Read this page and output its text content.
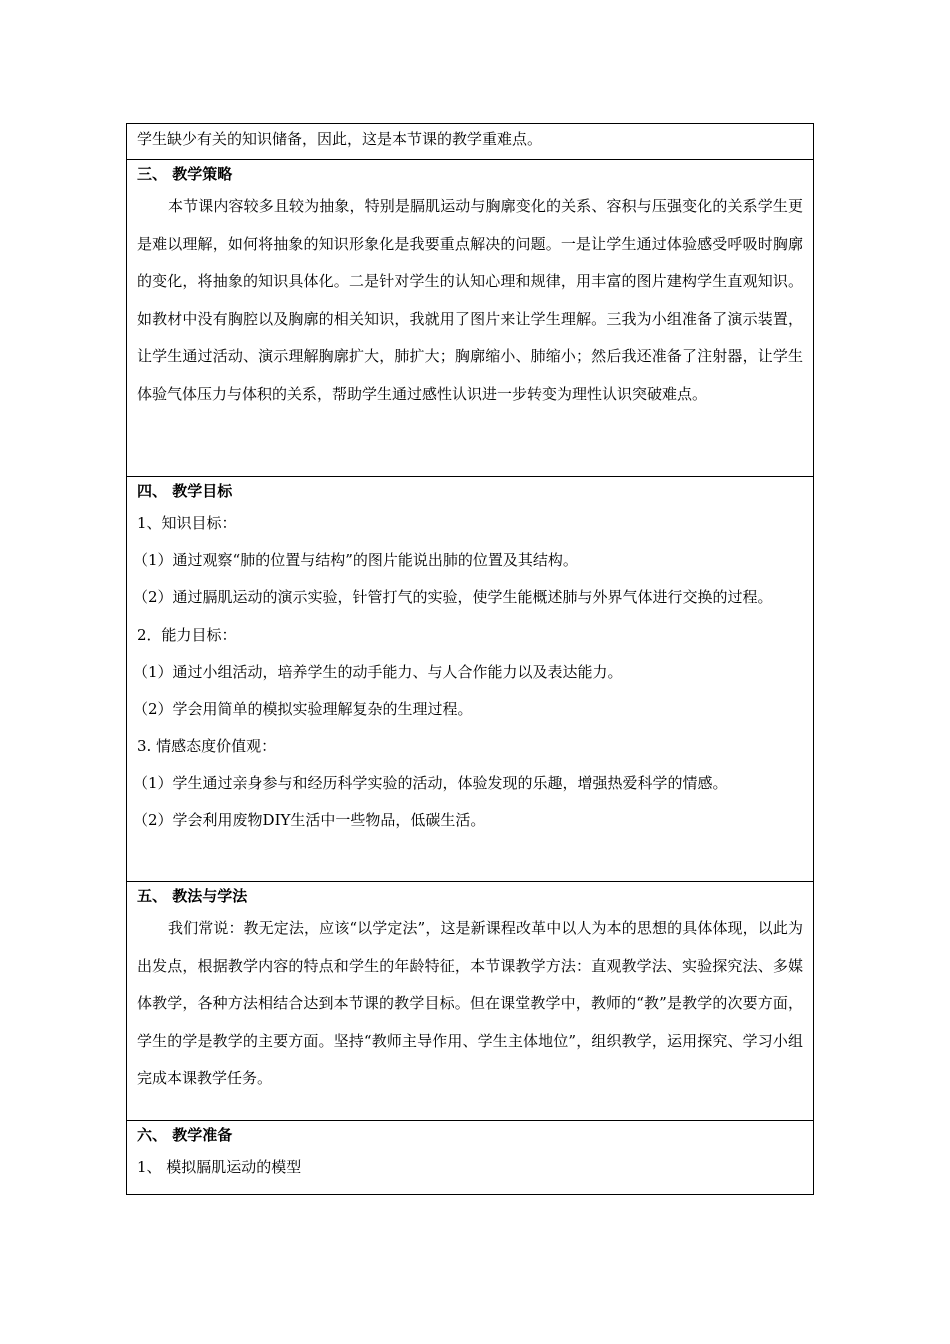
学生缺少有关的知识储备，因此，这是本节课的教学重难点。

三、 教学策略

本节课内容较多且较为抽象，特别是膈肌运动与胸廓变化的关系、容积与压强变化的关系学生更是难以理解，如何将抽象的知识形象化是我要重点解决的问题。一是让学生通过体验感受呼吸时胸廓的变化，将抽象的知识具体化。二是针对学生的认知心理和规律，用丰富的图片建构学生直观知识。如教材中没有胸腔以及胸廓的相关知识，我就用了图片来让学生理解。三我为小组准备了演示装置，让学生通过活动、演示理解胸廓扩大，肺扩大；胸廓缩小、肺缩小；然后我还准备了注射器，让学生体验气体压力与体积的关系，帮助学生通过感性认识进一步转变为理性认识突破难点。

四、 教学目标

1、知识目标：

（1）通过观察“肺的位置与结构”的图片能说出肺的位置及其结构。

（2）通过膈肌运动的演示实验，针管打气的实验，使学生能概述肺与外界气体进行交换的过程。

2．能力目标：

（1）通过小组活动，培养学生的动手能力、与人合作能力以及表达能力。

（2）学会用简单的模拟实验理解复杂的生理过程。

3. 情感态度价值观：

（1）学生通过亲身参与和经历科学实验的活动，体验发现的乐趣，增强热爱科学的情感。

（2）学会利用废物DIY生活中一些物品，低碳生活。

五、 教法与学法

我们常说：教无定法，应该“以学定法”，这是新课程改革中以人为本的思想的具体体现，以此为出发点，根据教学内容的特点和学生的年龄特征，本节课教学方法：直观教学法、实验探究法、多媒体教学，各种方法相结合达到本节课的教学目标。但在课堂教学中，教师的“教”是教学的次要方面，学生的学是教学的主要方面。坚持“教师主导作用、学生主体地位”，组织教学，运用探究、学习小组完成本课教学任务。

六、 教学准备

1、 模拟膈肌运动的模型
